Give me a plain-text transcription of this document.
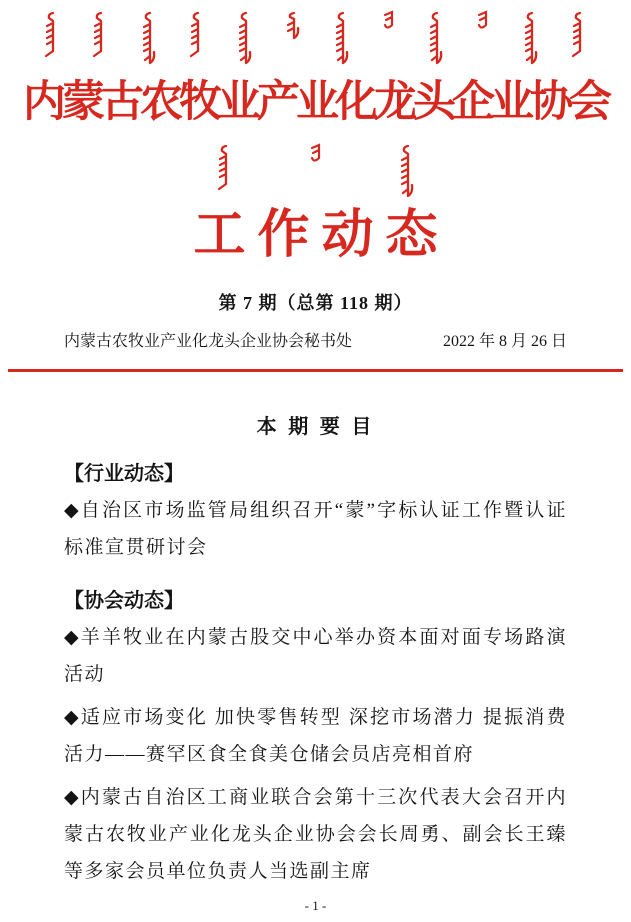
内蒙古农牧业产业化龙头企业协会
工作动态
第 7 期（总第 118 期）
内蒙古农牧业产业化龙头企业协会秘书处	2022 年 8 月 26 日
本 期 要 目
【行业动态】

◆自治区市场监管局组织召开“蒙”字标认证工作暨认证标准宣贯研讨会

【协会动态】

◆羊羊牧业在内蒙古股交中心举办资本面对面专场路演活动

◆适应市场变化 加快零售转型 深挖市场潜力 提振消费活力——赛罕区食全食美仓储会员店亮相首府

◆内蒙古自治区工商业联合会第十三次代表大会召开内蒙古农牧业产业化龙头企业协会会长周勇、副会长王臻等多家会员单位负责人当选副主席

- 1 -
